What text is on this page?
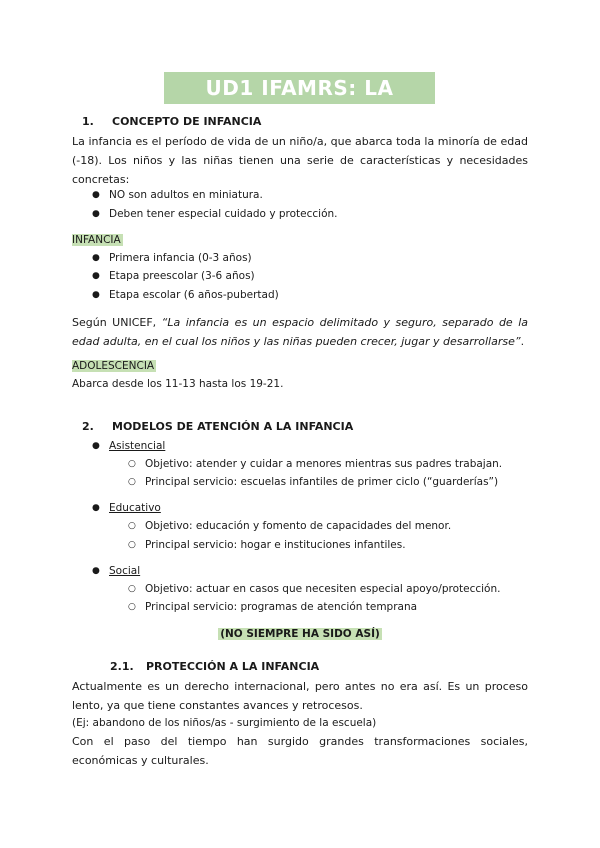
UD1 IFAMRS: LA INFANCIA
1. CONCEPTO DE INFANCIA
La infancia es el período de vida de un niño/a, que abarca toda la minoría de edad (-18). Los niños y las niñas tienen una serie de características y necesidades concretas:
● NO son adultos en miniatura.
● Deben tener especial cuidado y protección.
INFANCIA
● Primera infancia (0-3 años)
● Etapa preescolar (3-6 años)
● Etapa escolar (6 años-pubertad)
Según UNICEF, “La infancia es un espacio delimitado y seguro, separado de la edad adulta, en el cual los niños y las niñas pueden crecer, jugar y desarrollarse”.
ADOLESCENCIA
Abarca desde los 11-13 hasta los 19-21.
2. MODELOS DE ATENCIÓN A LA INFANCIA
● Asistencial
○ Objetivo: atender y cuidar a menores mientras sus padres trabajan.
○ Principal servicio: escuelas infantiles de primer ciclo (“guarderías”)
● Educativo
○ Objetivo: educación y fomento de capacidades del menor.
○ Principal servicio: hogar e instituciones infantiles.
● Social
○ Objetivo: actuar en casos que necesiten especial apoyo/protección.
○ Principal servicio: programas de atención temprana
(NO SIEMPRE HA SIDO ASÍ)
2.1. PROTECCIÓN A LA INFANCIA
Actualmente es un derecho internacional, pero antes no era así. Es un proceso lento, ya que tiene constantes avances y retrocesos.
(Ej: abandono de los niños/as - surgimiento de la escuela)
Con el paso del tiempo han surgido grandes transformaciones sociales, económicas y culturales.
